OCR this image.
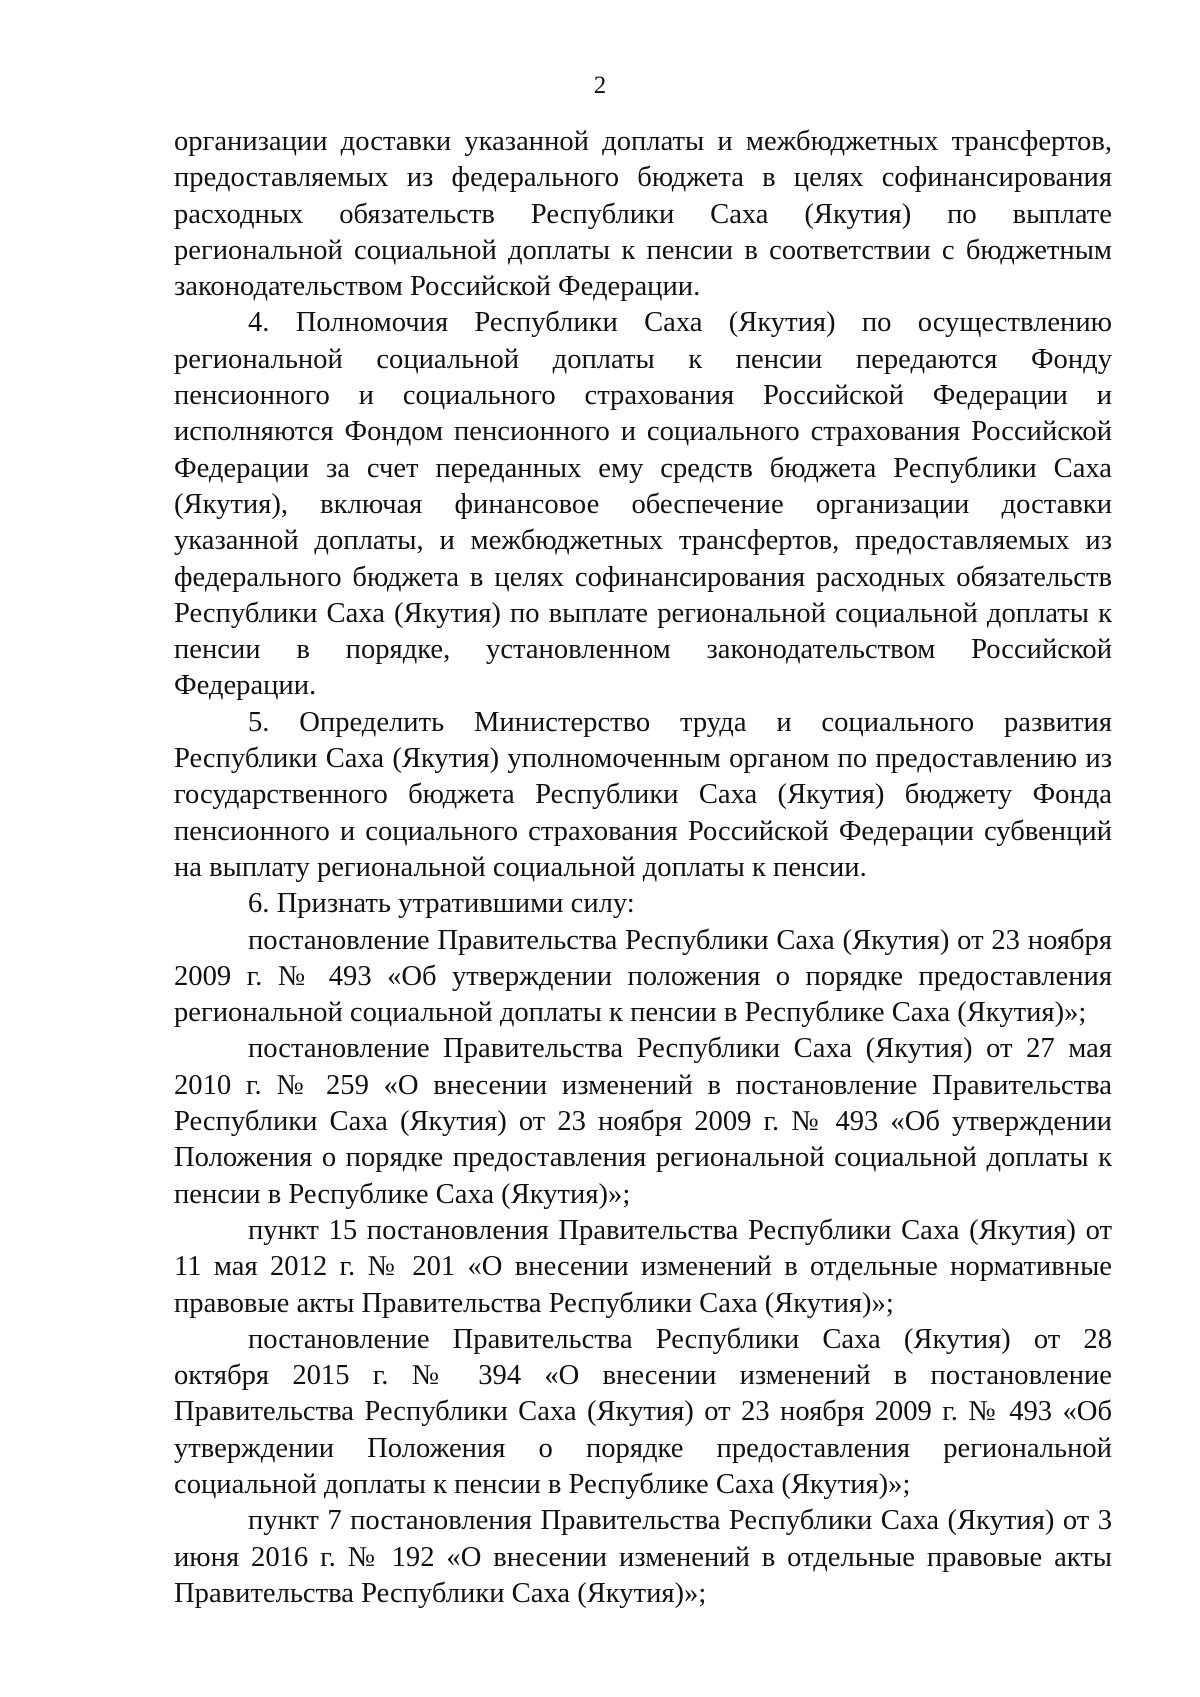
2

организации доставки указанной доплаты и межбюджетных трансфертов, предоставляемых из федерального бюджета в целях софинансирования расходных обязательств Республики Саха (Якутия) по выплате региональной социальной доплаты к пенсии в соответствии с бюджетным законодательством Российской Федерации.

4. Полномочия Республики Саха (Якутия) по осуществлению региональной социальной доплаты к пенсии передаются Фонду пенсионного и социального страхования Российской Федерации и исполняются Фондом пенсионного и социального страхования Российской Федерации за счет переданных ему средств бюджета Республики Саха (Якутия), включая финансовое обеспечение организации доставки указанной доплаты, и межбюджетных трансфертов, предоставляемых из федерального бюджета в целях софинансирования расходных обязательств Республики Саха (Якутия) по выплате региональной социальной доплаты к пенсии в порядке, установленном законодательством Российской Федерации.

5. Определить Министерство труда и социального развития Республики Саха (Якутия) уполномоченным органом по предоставлению из государственного бюджета Республики Саха (Якутия) бюджету Фонда пенсионного и социального страхования Российской Федерации субвенций на выплату региональной социальной доплаты к пенсии.

6. Признать утратившими силу:

постановление Правительства Республики Саха (Якутия) от 23 ноября 2009 г. № 493 «Об утверждении положения о порядке предоставления региональной социальной доплаты к пенсии в Республике Саха (Якутия)»;

постановление Правительства Республики Саха (Якутия) от 27 мая 2010 г. № 259 «О внесении изменений в постановление Правительства Республики Саха (Якутия) от 23 ноября 2009 г. № 493 «Об утверждении Положения о порядке предоставления региональной социальной доплаты к пенсии в Республике Саха (Якутия)»;

пункт 15 постановления Правительства Республики Саха (Якутия) от 11 мая 2012 г. № 201 «О внесении изменений в отдельные нормативные правовые акты Правительства Республики Саха (Якутия)»;

постановление Правительства Республики Саха (Якутия) от 28 октября 2015 г. № 394 «О внесении изменений в постановление Правительства Республики Саха (Якутия) от 23 ноября 2009 г. № 493 «Об утверждении Положения о порядке предоставления региональной социальной доплаты к пенсии в Республике Саха (Якутия)»;

пункт 7 постановления Правительства Республики Саха (Якутия) от 3 июня 2016 г. № 192 «О внесении изменений в отдельные правовые акты Правительства Республики Саха (Якутия)»;
